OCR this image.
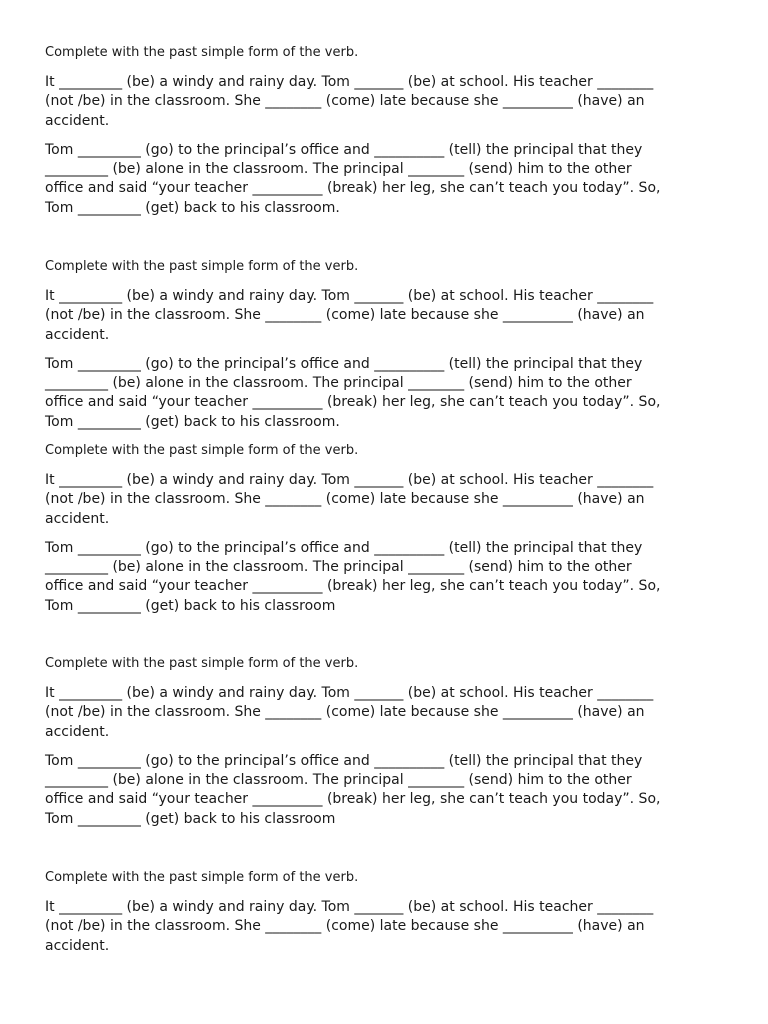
Complete with the past simple form of the verb.

It _________ (be) a windy and rainy day. Tom _______ (be) at school. His teacher ________
(not /be) in the classroom. She ________ (come) late because she __________ (have) an
accident.

Tom _________ (go) to the principal’s office and __________ (tell) the principal that they
_________ (be) alone in the classroom. The principal ________ (send) him to the other
office and said “your teacher __________ (break) her leg, she can’t teach you today”. So,
Tom _________ (get) back to his classroom.

Complete with the past simple form of the verb.

It _________ (be) a windy and rainy day. Tom _______ (be) at school. His teacher ________
(not /be) in the classroom. She ________ (come) late because she __________ (have) an
accident.

Tom _________ (go) to the principal’s office and __________ (tell) the principal that they
_________ (be) alone in the classroom. The principal ________ (send) him to the other
office and said “your teacher __________ (break) her leg, she can’t teach you today”. So,
Tom _________ (get) back to his classroom.

Complete with the past simple form of the verb.

It _________ (be) a windy and rainy day. Tom _______ (be) at school. His teacher ________
(not /be) in the classroom. She ________ (come) late because she __________ (have) an
accident.

Tom _________ (go) to the principal’s office and __________ (tell) the principal that they
_________ (be) alone in the classroom. The principal ________ (send) him to the other
office and said “your teacher __________ (break) her leg, she can’t teach you today”. So,
Tom _________ (get) back to his classroom

Complete with the past simple form of the verb.

It _________ (be) a windy and rainy day. Tom _______ (be) at school. His teacher ________
(not /be) in the classroom. She ________ (come) late because she __________ (have) an
accident.

Tom _________ (go) to the principal’s office and __________ (tell) the principal that they
_________ (be) alone in the classroom. The principal ________ (send) him to the other
office and said “your teacher __________ (break) her leg, she can’t teach you today”. So,
Tom _________ (get) back to his classroom

Complete with the past simple form of the verb.

It _________ (be) a windy and rainy day. Tom _______ (be) at school. His teacher ________
(not /be) in the classroom. She ________ (come) late because she __________ (have) an
accident.
